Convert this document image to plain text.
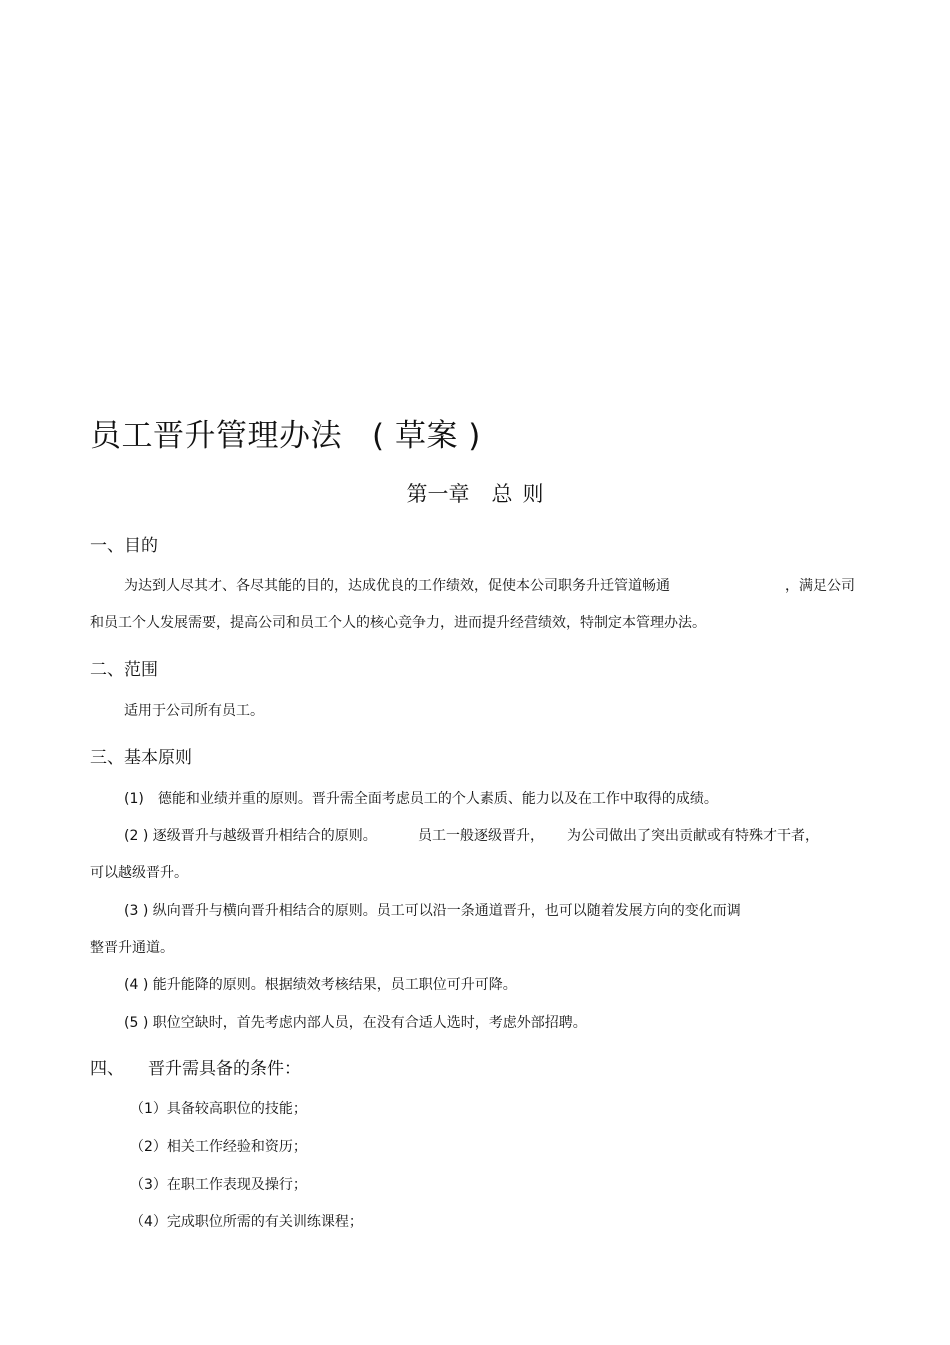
员工晋升管理办法 ( 草案 )
第一章 总 则
一、目的
为达到人尽其才、各尽其能的目的，达成优良的工作绩效，促使本公司职务升迁管道畅通	，满足公司
和员工个人发展需要，提高公司和员工个人的核心竞争力，进而提升经营绩效，特制定本管理办法。
二、范围
适用于公司所有员工。
三、基本原则
(1)　德能和业绩并重的原则。晋升需全面考虑员工的个人素质、能力以及在工作中取得的成绩。
(2 ) 逐级晋升与越级晋升相结合的原则。	员工一般逐级晋升， 为公司做出了突出贡献或有特殊才干者，
可以越级晋升。
(3 ) 纵向晋升与横向晋升相结合的原则。员工可以沿一条通道晋升，也可以随着发展方向的变化而调
整晋升通道。
(4 ) 能升能降的原则。根据绩效考核结果，员工职位可升可降。
(5 ) 职位空缺时，首先考虑内部人员，在没有合适人选时，考虑外部招聘。
四、 晋升需具备的条件：
（1）具备较高职位的技能；
（2）相关工作经验和资历；
（3）在职工作表现及操行；
（4）完成职位所需的有关训练课程；
